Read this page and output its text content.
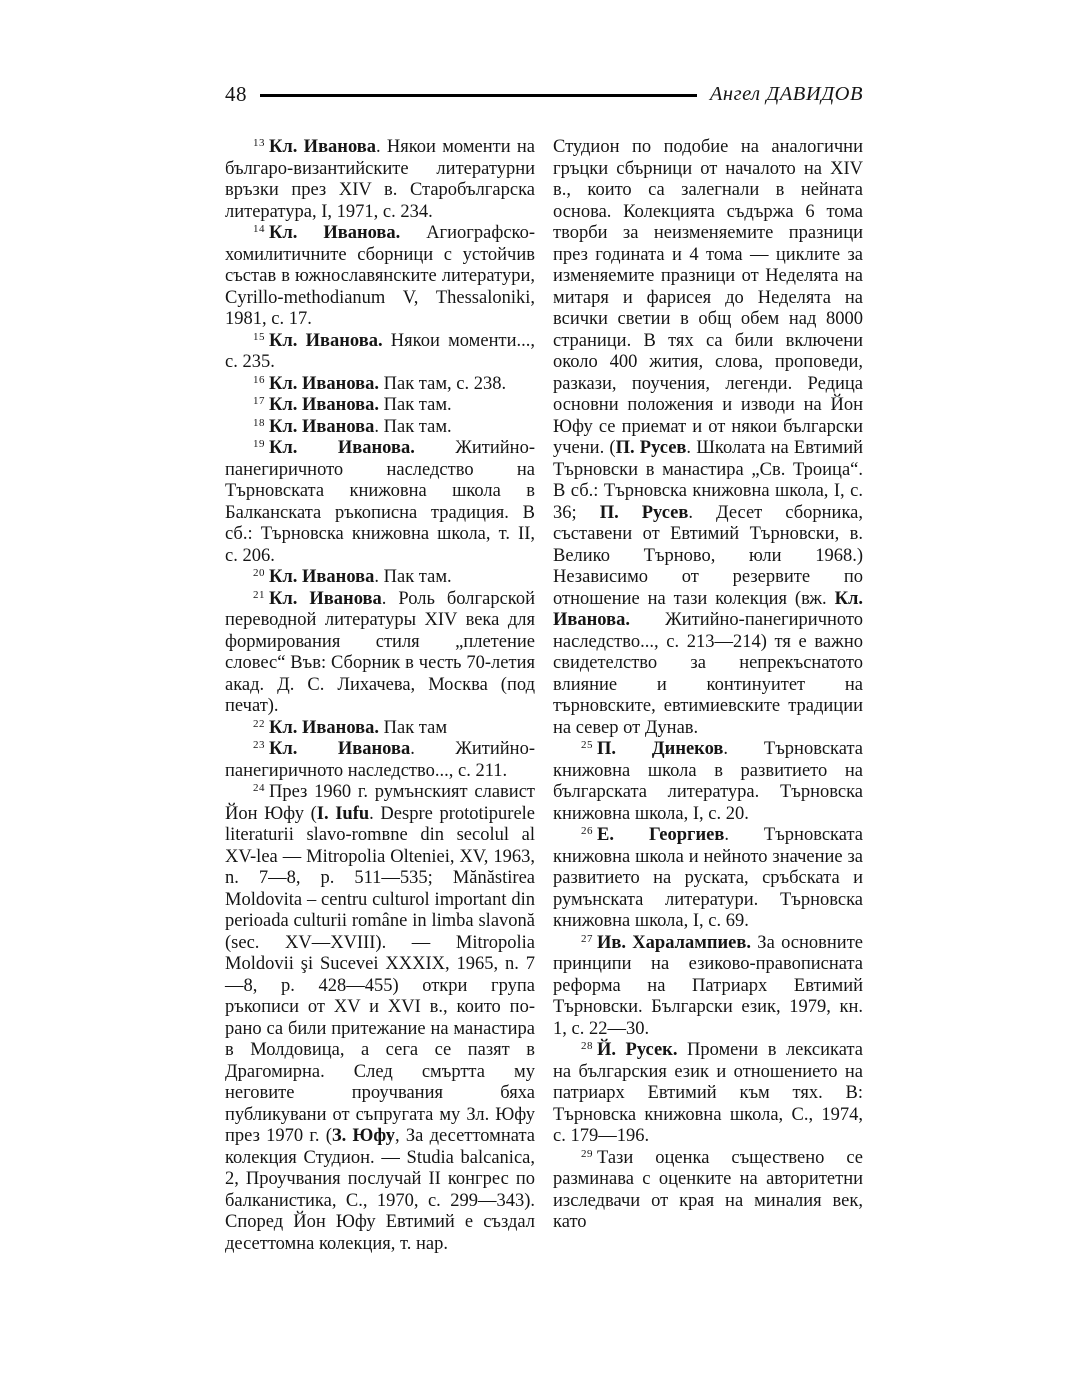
48	Ангел ДАВИДОВ

$^{13}$ Кл. Иванова. Някои моменти на българо-византийските литературни връзки през XIV в. Старобългарска литература, I, 1971, с. 234.

$^{14}$ Кл. Иванова. Агиографско-хомилитичните сборници с устойчив състав в южнославянските литератури, Cyrillo-methodianum V, Thessaloniki, 1981, с. 17.

$^{15}$ Кл. Иванова. Някои моменти..., с. 235.

$^{16}$ Кл. Иванова. Пак там, с. 238.

$^{17}$ Кл. Иванова. Пак там.

$^{18}$ Кл. Иванова. Пак там.

$^{19}$ Кл. Иванова. Житийно-панегиричното наследство на Търновската книжовна школа в Балканската ръкописна традиция. В сб.: Търновска книжовна школа, т. II, с. 206.

$^{20}$ Кл. Иванова. Пак там.

$^{21}$ Кл. Иванова. Роль болгарской переводной литературы XIV века для формирования стиля „плетение словес“ Във: Сборник в честь 70-летия акад. Д. С. Лихачева, Москва (под печат).

$^{22}$ Кл. Иванова. Пак там

$^{23}$ Кл. Иванова. Житийно-панегиричното наследство..., с. 211.

$^{24}$ През 1960 г. румънският славист Йон Юфу (I. Iufu. Despre prototipurele literaturii slavo-romвne din secolul al XV-lea — Mitropolia Olteniei, XV, 1963, n. 7—8, p. 511—535; Mănăstirea Moldovita – centru culturol important din perioada culturii române in limba slavonă (sec. XV—XVIII). — Mitropolia Moldovii şi Sucevei XXXIX, 1965, n. 7—8, p. 428—455) откри група ръкописи от XV и XVI в., които по-рано са били притежание на манастира в Молдовица, а сега се пазят в Драгомирна. След смъртта му неговите проучвания бяха публикувани от съпругата му Зл. Юфу през 1970 г. (З. Юфу, За десеттомната колекция Студион. — Studia balcanica, 2, Проучвания послучай II конгрес по балканистика, С., 1970, с. 299—343). Според Йон Юфу Евтимий е създал десеттомна колекция, т. нар.

Студион по подобие на аналогични гръцки сбърници от началото на XIV в., които са залегнали в нейната основа. Колекцията съдържа 6 тома творби за неизменяемите празници през годината и 4 тома — циклите за изменяемите празници от Неделята на митаря и фарисея до Неделята на всички светии в общ обем над 8000 страници. В тях са били включени около 400 жития, слова, проповеди, разкази, поучения, легенди. Редица основни положения и изводи на Йон Юфу се приемат и от някои български учени. (П. Русев. Школата на Евтимий Търновски в манастира „Св. Троица“. В сб.: Търновска книжовна школа, I, с. 36; П. Русев. Десет сборника, съставени от Евтимий Търновски, в. Велико Търново, юли 1968.) Независимо от резервите по отношение на тази колекция (вж. Кл. Иванова. Житийно-панегиричното наследство..., с. 213—214) тя е важно свидетелство за непрекъснатото влияние и континуитет на търновските, евтимиевските традиции на север от Дунав.

$^{25}$ П. Динеков. Търновската книжовна школа в развитието на българската литература. Търновска книжовна школа, I, с. 20.

$^{26}$ Е. Георгиев. Търновската книжовна школа и нейното значение за развитието на руската, сръбската и румънската литератури. Търновска книжовна школа, I, с. 69.

$^{27}$ Ив. Харалампиев. За основните принципи на езиково-правописната реформа на Патриарх Евтимий Търновски. Български език, 1979, кн. 1, с. 22—30.

$^{28}$ Й. Русек. Промени в лексиката на българския език и отношението на патриарх Евтимий към тях. В: Търновска книжовна школа, С., 1974, с. 179—196.

$^{29}$ Тази оценка съществено се разминава с оценките на авторитетни изследвачи от края на миналия век, като
